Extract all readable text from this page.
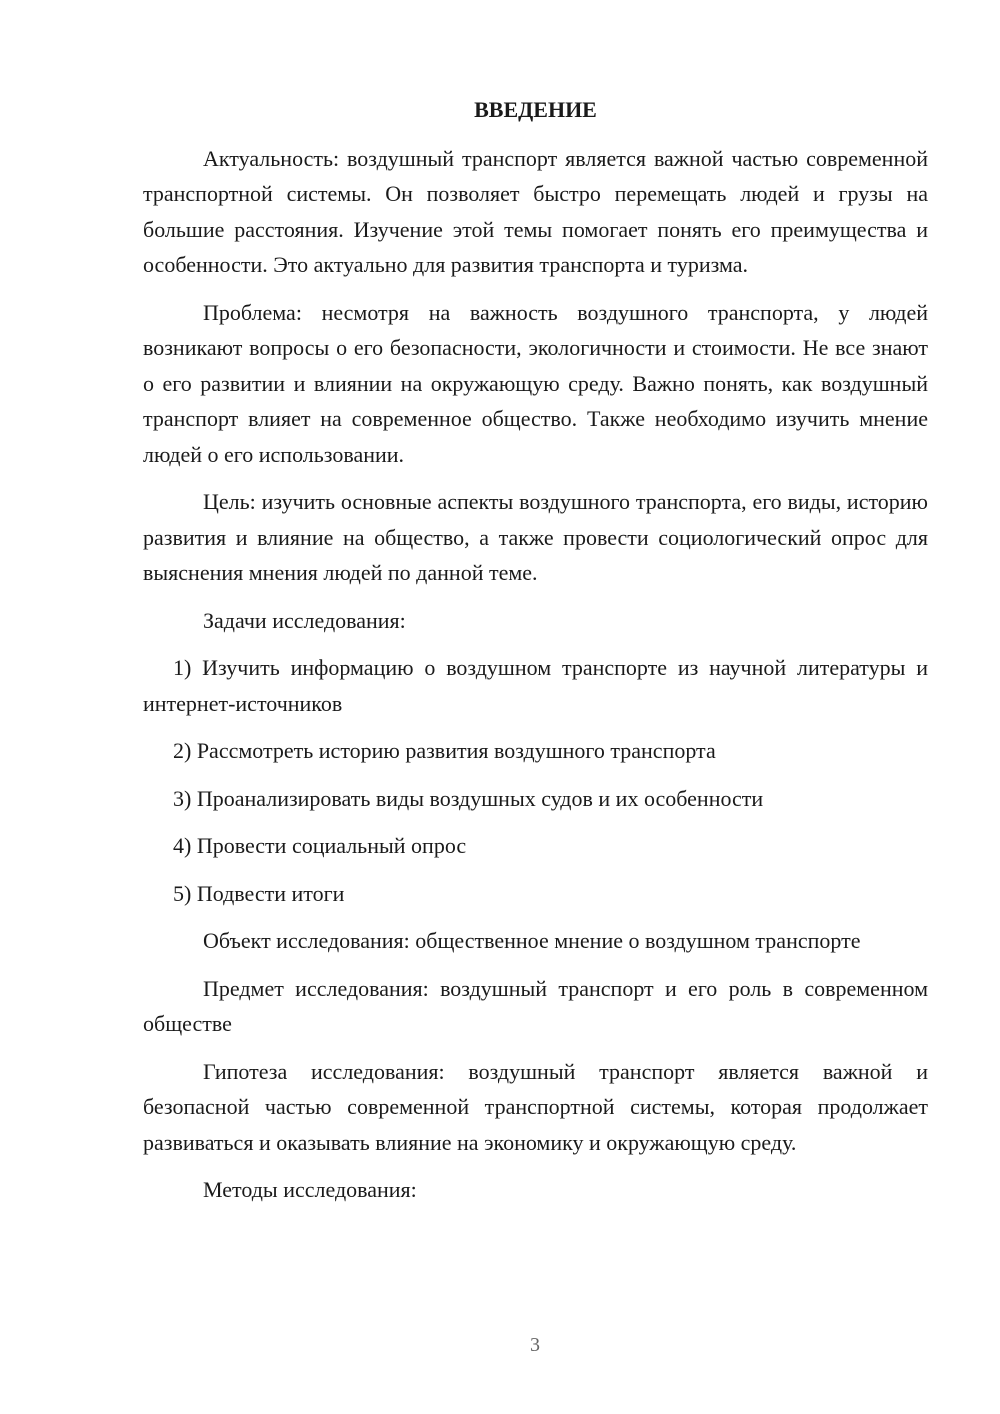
ВВЕДЕНИЕ

Актуальность: воздушный транспорт является важной частью современной транспортной системы. Он позволяет быстро перемещать людей и грузы на большие расстояния. Изучение этой темы помогает понять его преимущества и особенности. Это актуально для развития транспорта и туризма.

Проблема: несмотря на важность воздушного транспорта, у людей возникают вопросы о его безопасности, экологичности и стоимости. Не все знают о его развитии и влиянии на окружающую среду. Важно понять, как воздушный транспорт влияет на современное общество. Также необходимо изучить мнение людей о его использовании.

Цель: изучить основные аспекты воздушного транспорта, его виды, историю развития и влияние на общество, а также провести социологический опрос для выяснения мнения людей по данной теме.

Задачи исследования:

1) Изучить информацию о воздушном транспорте из научной литературы и интернет-источников

2) Рассмотреть историю развития воздушного транспорта

3) Проанализировать виды воздушных судов и их особенности

4) Провести социальный опрос

5) Подвести итоги

Объект исследования: общественное мнение о воздушном транспорте

Предмет исследования: воздушный транспорт и его роль в современном обществе

Гипотеза исследования: воздушный транспорт является важной и безопасной частью современной транспортной системы, которая продолжает развиваться и оказывать влияние на экономику и окружающую среду.

Методы исследования:

3
